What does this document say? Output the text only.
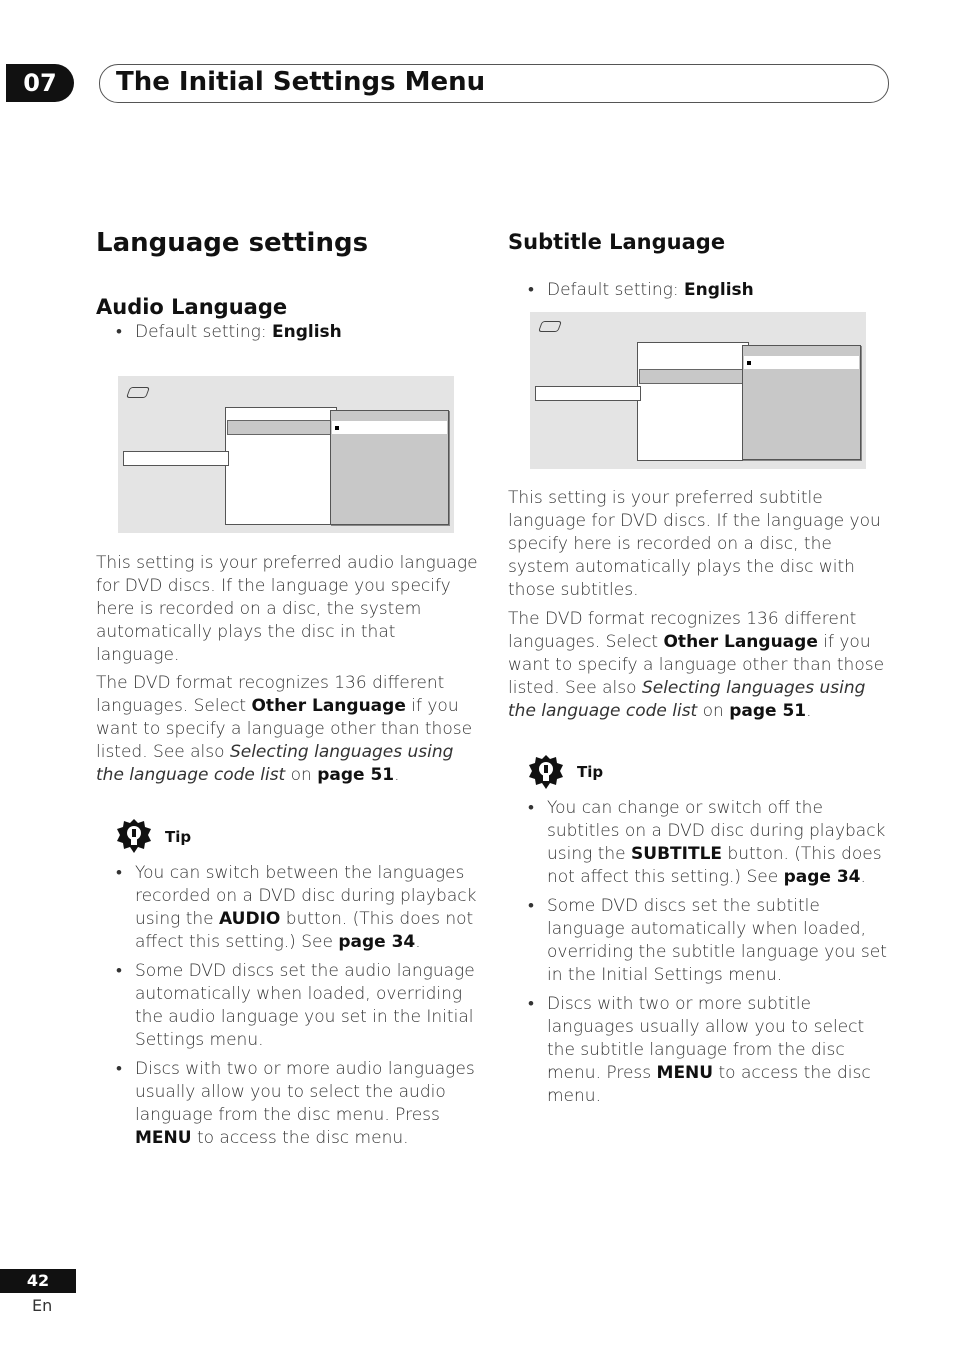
07	The Initial Settings Menu
Language settings
Audio Language
• Default setting: English
This setting is your preferred audio language for DVD discs. If the language you specify here is recorded on a disc, the system automatically plays the disc in that language.
The DVD format recognizes 136 different languages. Select Other Language if you want to specify a language other than those listed. See also Selecting languages using the language code list on page 51.
Tip
• You can switch between the languages recorded on a DVD disc during playback using the AUDIO button. (This does not affect this setting.) See page 34.
• Some DVD discs set the audio language automatically when loaded, overriding the audio language you set in the Initial Settings menu.
• Discs with two or more audio languages usually allow you to select the audio language from the disc menu. Press MENU to access the disc menu.
Subtitle Language
• Default setting: English
This setting is your preferred subtitle language for DVD discs. If the language you specify here is recorded on a disc, the system automatically plays the disc with those subtitles.
The DVD format recognizes 136 different languages. Select Other Language if you want to specify a language other than those listed. See also Selecting languages using the language code list on page 51.
Tip
• You can change or switch off the subtitles on a DVD disc during playback using the SUBTITLE button. (This does not affect this setting.) See page 34.
• Some DVD discs set the subtitle language automatically when loaded, overriding the subtitle language you set in the Initial Settings menu.
• Discs with two or more subtitle languages usually allow you to select the subtitle language from the disc menu. Press MENU to access the disc menu.
42
En
